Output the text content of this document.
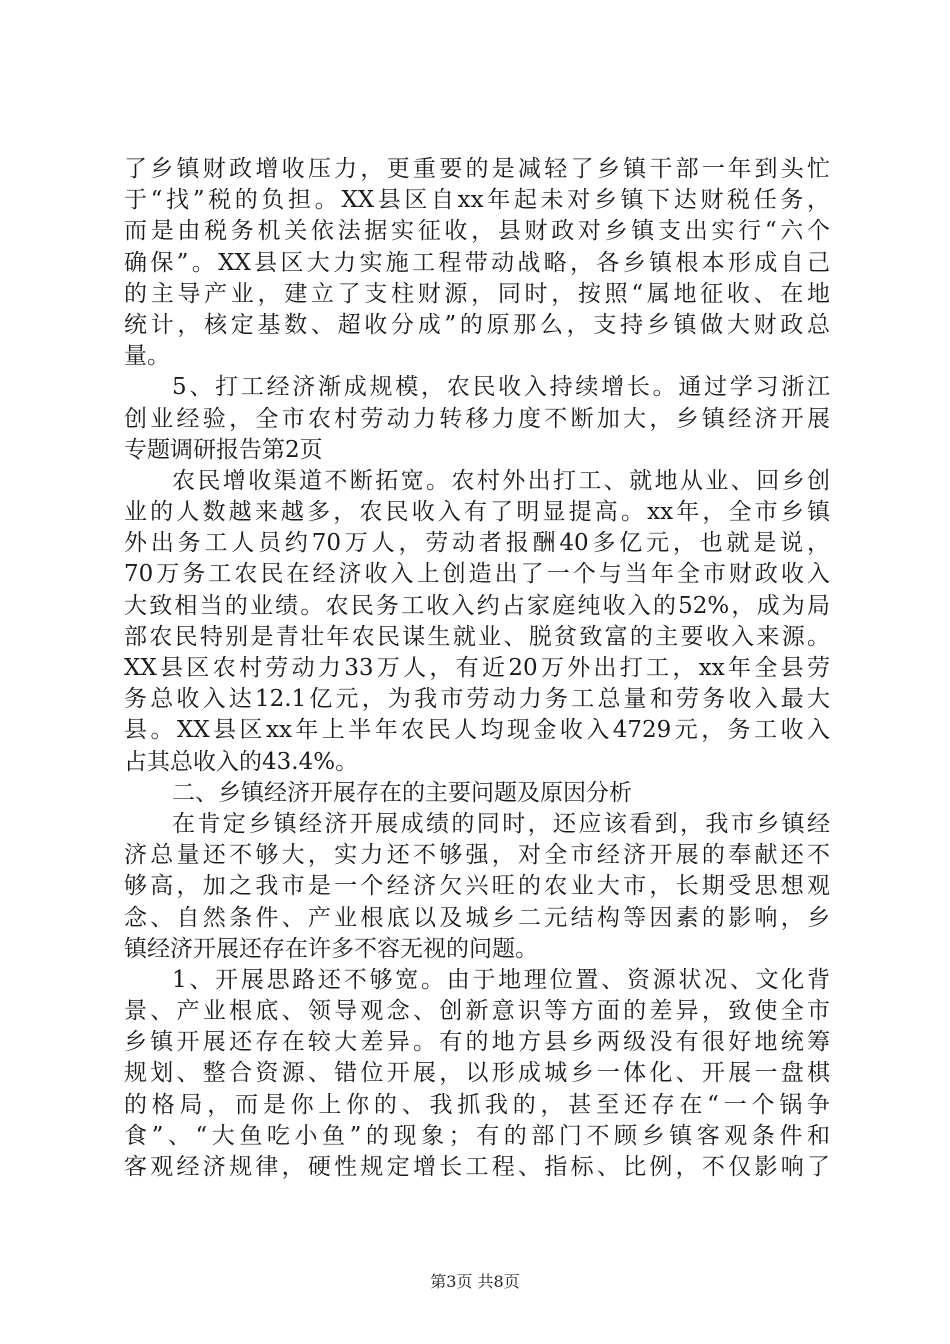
了乡镇财政增收压力，更重要的是减轻了乡镇干部一年到头忙
于“找”税的负担。XX县区自xx年起未对乡镇下达财税任务，
而是由税务机关依法据实征收，县财政对乡镇支出实行“六个
确保”。XX县区大力实施工程带动战略，各乡镇根本形成自己
的主导产业，建立了支柱财源，同时，按照“属地征收、在地
统计，核定基数、超收分成”的原那么，支持乡镇做大财政总
量。
5、打工经济渐成规模，农民收入持续增长。通过学习浙江
创业经验，全市农村劳动力转移力度不断加大，乡镇经济开展
专题调研报告第2页
农民增收渠道不断拓宽。农村外出打工、就地从业、回乡创
业的人数越来越多，农民收入有了明显提高。xx年，全市乡镇
外出务工人员约70万人，劳动者报酬40多亿元，也就是说，
70万务工农民在经济收入上创造出了一个与当年全市财政收入
大致相当的业绩。农民务工收入约占家庭纯收入的52%，成为局
部农民特别是青壮年农民谋生就业、脱贫致富的主要收入来源。
XX县区农村劳动力33万人，有近20万外出打工，xx年全县劳
务总收入达12.1亿元，为我市劳动力务工总量和劳务收入最大
县。XX县区xx年上半年农民人均现金收入4729元，务工收入
占其总收入的43.4%。
二、乡镇经济开展存在的主要问题及原因分析
在肯定乡镇经济开展成绩的同时，还应该看到，我市乡镇经
济总量还不够大，实力还不够强，对全市经济开展的奉献还不
够高，加之我市是一个经济欠兴旺的农业大市，长期受思想观
念、自然条件、产业根底以及城乡二元结构等因素的影响，乡
镇经济开展还存在许多不容无视的问题。
1、开展思路还不够宽。由于地理位置、资源状况、文化背
景、产业根底、领导观念、创新意识等方面的差异，致使全市
乡镇开展还存在较大差异。有的地方县乡两级没有很好地统筹
规划、整合资源、错位开展，以形成城乡一体化、开展一盘棋
的格局，而是你上你的、我抓我的，甚至还存在“一个锅争
食”、“大鱼吃小鱼”的现象；有的部门不顾乡镇客观条件和
客观经济规律，硬性规定增长工程、指标、比例，不仅影响了
第3页 共8页
